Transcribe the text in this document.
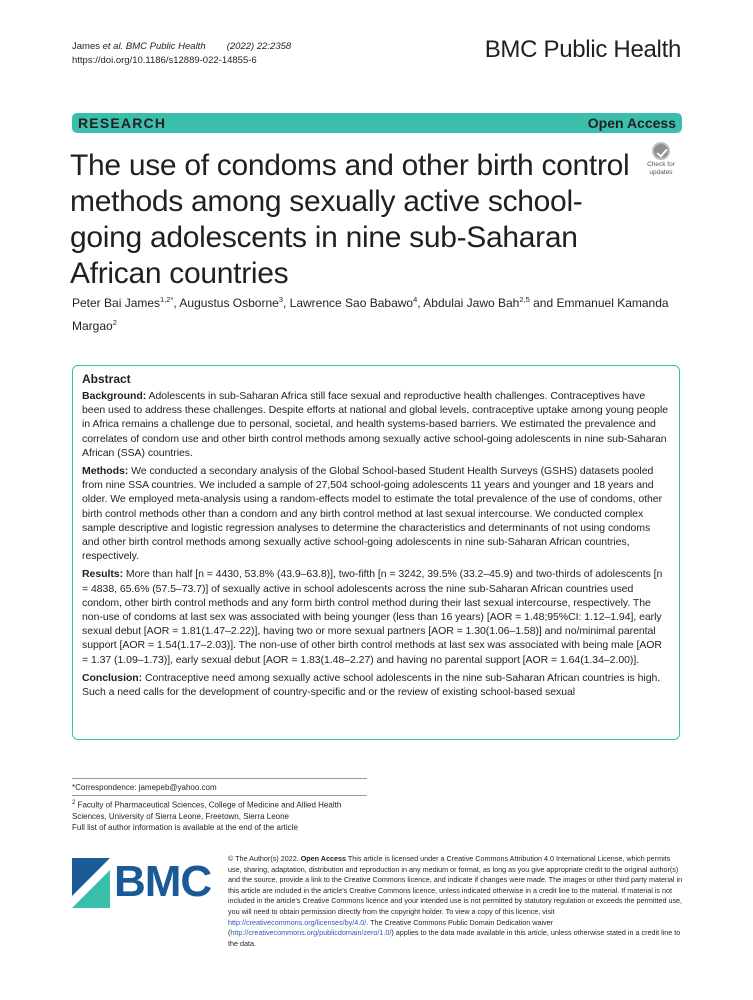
James et al. BMC Public Health (2022) 22:2358
https://doi.org/10.1186/s12889-022-14855-6	BMC Public Health
RESEARCH	Open Access
The use of condoms and other birth control methods among sexually active school-going adolescents in nine sub-Saharan African countries
Check for
updates
Peter Bai James$^{1,2*}$, Augustus Osborne$^3$, Lawrence Sao Babawo$^4$, Abdulai Jawo Bah$^{2,5}$ and Emmanuel Kamanda Margao$^2$
Abstract

Background: Adolescents in sub-Saharan Africa still face sexual and reproductive health challenges. Contraceptives have been used to address these challenges. Despite efforts at national and global levels, contraceptive uptake among young people in Africa remains a challenge due to personal, societal, and health systems-based barriers. We estimated the prevalence and correlates of condom use and other birth control methods among sexually active school-going adolescents in nine sub-Saharan African (SSA) countries.

Methods: We conducted a secondary analysis of the Global School-based Student Health Surveys (GSHS) datasets pooled from nine SSA countries. We included a sample of 27,504 school-going adolescents 11 years and younger and 18 years and older. We employed meta-analysis using a random-effects model to estimate the total prevalence of the use of condoms, other birth control methods other than a condom and any birth control method at last sexual intercourse. We conducted complex sample descriptive and logistic regression analyses to determine the characteristics and determinants of not using condoms and other birth control methods among sexually active school-going adolescents in nine sub-Saharan African countries, respectively.

Results: More than half [n = 4430, 53.8% (43.9–63.8)], two-fifth [n = 3242, 39.5% (33.2–45.9) and two-thirds of adolescents [n = 4838, 65.6% (57.5–73.7)] of sexually active in school adolescents across the nine sub-Saharan African countries used condom, other birth control methods and any form birth control method during their last sexual intercourse, respectively. The non-use of condoms at last sex was associated with being younger (less than 16 years) [AOR = 1.48;95%CI: 1.12–1.94], early sexual debut [AOR = 1.81(1.47–2.22)], having two or more sexual partners [AOR = 1.30(1.06–1.58)] and no/minimal parental support [AOR = 1.54(1.17–2.03)]. The non-use of other birth control methods at last sex was associated with being male [AOR = 1.37 (1.09–1.73)], early sexual debut [AOR = 1.83(1.48–2.27) and having no parental support [AOR = 1.64(1.34–2.00)].

Conclusion: Contraceptive need among sexually active school adolescents in the nine sub-Saharan African countries is high. Such a need calls for the development of country-specific and or the review of existing school-based sexual

*Correspondence: jamepeb@yahoo.com
$^2$ Faculty of Pharmaceutical Sciences, College of Medicine and Allied Health Sciences, University of Sierra Leone, Freetown, Sierra Leone
Full list of author information is available at the end of the article
BMC © The Author(s) 2022. Open Access This article is licensed under a Creative Commons Attribution 4.0 International License, which permits use, sharing, adaptation, distribution and reproduction in any medium or format, as long as you give appropriate credit to the original author(s) and the source, provide a link to the Creative Commons licence, and indicate if changes were made. The images or other third party material in this article are included in the article's Creative Commons licence, unless indicated otherwise in a credit line to the material. If material is not included in the article's Creative Commons licence and your intended use is not permitted by statutory regulation or exceeds the permitted use, you will need to obtain permission directly from the copyright holder. To view a copy of this licence, visit http://creativecommons.org/licenses/by/4.0/. The Creative Commons Public Domain Dedication waiver (http://creativecommons.org/publicdomain/zero/1.0/) applies to the data made available in this article, unless otherwise stated in a credit line to the data.
